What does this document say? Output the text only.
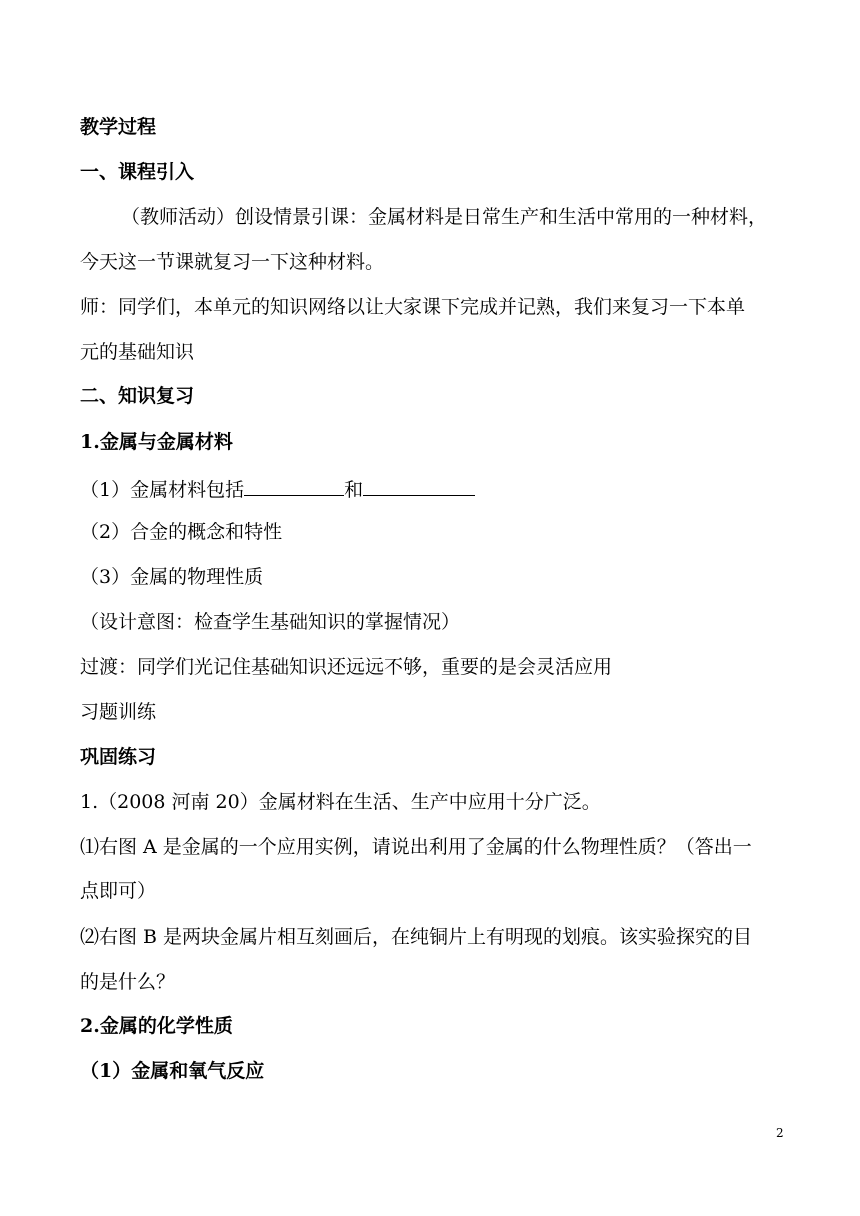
教学过程
一、课程引入
（教师活动）创设情景引课：金属材料是日常生产和生活中常用的一种材料，
今天这一节课就复习一下这种材料。
师：同学们，本单元的知识网络以让大家课下完成并记熟，我们来复习一下本单
元的基础知识
二、知识复习
1.金属与金属材料
（1）金属材料包括	和
（2）合金的概念和特性
（3）金属的物理性质
（设计意图：检查学生基础知识的掌握情况）
过渡：同学们光记住基础知识还远远不够，重要的是会灵活应用
习题训练
巩固练习
1.（2008 河南 20）金属材料在生活、生产中应用十分广泛。
⑴右图 A 是金属的一个应用实例，请说出利用了金属的什么物理性质？（答出一
点即可）
⑵右图 B 是两块金属片相互刻画后，在纯铜片上有明现的划痕。该实验探究的目
的是什么？
2.金属的化学性质
（1）金属和氧气反应
2
